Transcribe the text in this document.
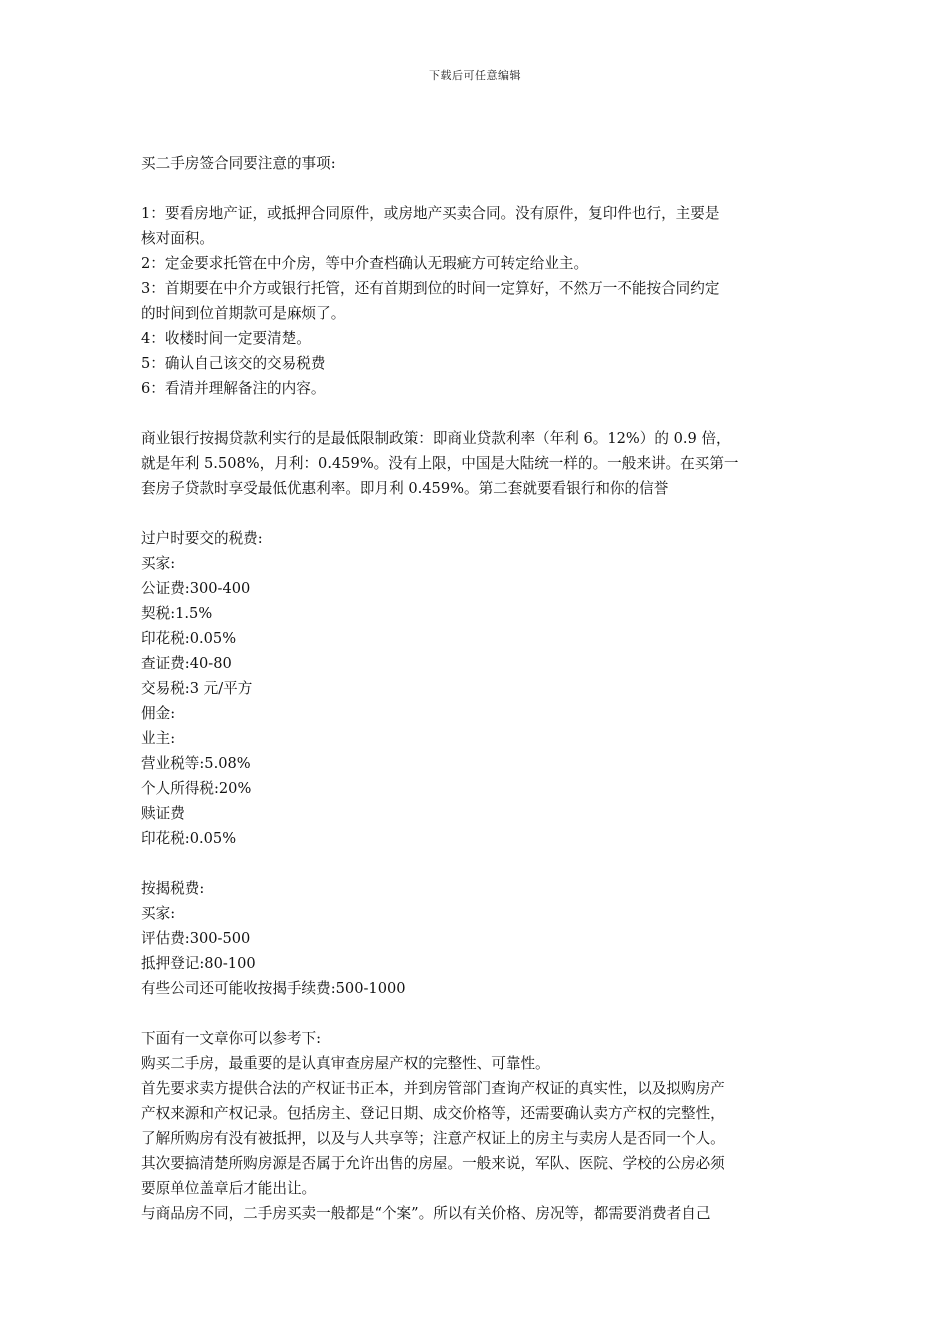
下载后可任意编辑
买二手房签合同要注意的事项:
1：要看房地产证，或抵押合同原件，或房地产买卖合同。没有原件，复印件也行，主要是
核对面积。
2：定金要求托管在中介房，等中介查档确认无瑕疵方可转定给业主。
3：首期要在中介方或银行托管，还有首期到位的时间一定算好，不然万一不能按合同约定
的时间到位首期款可是麻烦了。
4：收楼时间一定要清楚。
5：确认自己该交的交易税费
6：看清并理解备注的内容。
商业银行按揭贷款利实行的是最低限制政策：即商业贷款利率（年利 6。12%）的 0.9 倍，
就是年利 5.508%，月利：0.459%。没有上限，中国是大陆统一样的。一般来讲。在买第一
套房子贷款时享受最低优惠利率。即月利 0.459%。第二套就要看银行和你的信誉
过户时要交的税费:
买家:
公证费:300-400
契税:1.5%
印花税:0.05%
查证费:40-80
交易税:3 元/平方
佣金:
业主:
营业税等:5.08%
个人所得税:20%
赎证费
印花税:0.05%
按揭税费:
买家:
评估费:300-500
抵押登记:80-100
有些公司还可能收按揭手续费:500-1000
下面有一文章你可以参考下:
购买二手房，最重要的是认真审查房屋产权的完整性、可靠性。
首先要求卖方提供合法的产权证书正本，并到房管部门查询产权证的真实性，以及拟购房产
产权来源和产权记录。包括房主、登记日期、成交价格等，还需要确认卖方产权的完整性，
了解所购房有没有被抵押，以及与人共享等；注意产权证上的房主与卖房人是否同一个人。
其次要搞清楚所购房源是否属于允许出售的房屋。一般来说，军队、医院、学校的公房必须
要原单位盖章后才能出让。
与商品房不同，二手房买卖一般都是“个案”。所以有关价格、房况等，都需要消费者自己
